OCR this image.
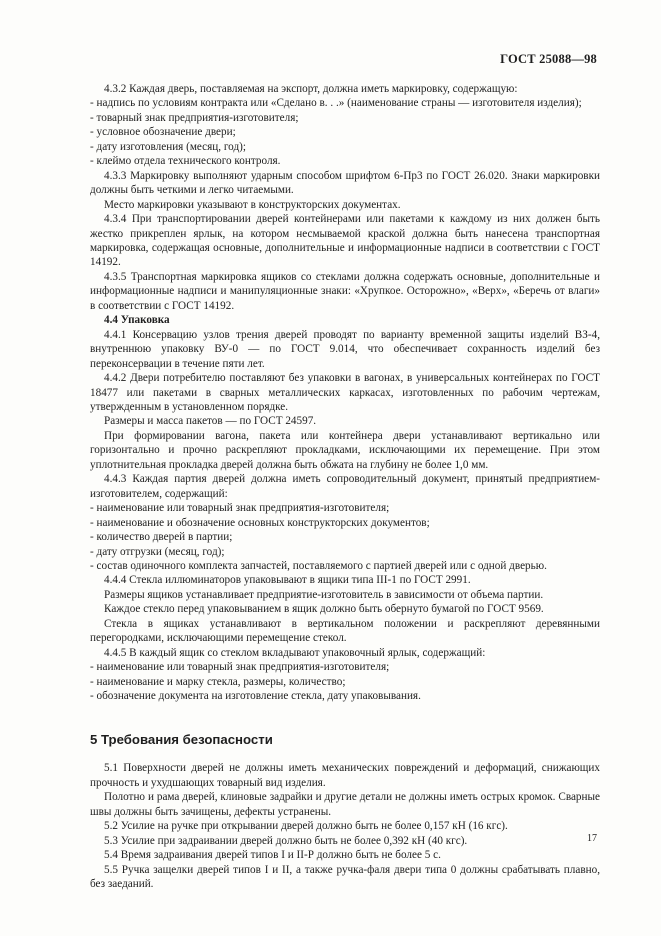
ГОСТ 25088—98

4.3.2 Каждая дверь, поставляемая на экспорт, должна иметь маркировку, содержащую:

- надпись по условиям контракта или «Сделано в. . .» (наименование страны — изготовителя изделия);

- товарный знак предприятия-изготовителя;

- условное обозначение двери;

- дату изготовления (месяц, год);

- клеймо отдела технического контроля.

4.3.3 Маркировку выполняют ударным способом шрифтом 6-Пр3 по ГОСТ 26.020. Знаки маркировки должны быть четкими и легко читаемыми.

Место маркировки указывают в конструкторских документах.

4.3.4 При транспортировании дверей контейнерами или пакетами к каждому из них должен быть жестко прикреплен ярлык, на котором несмываемой краской должна быть нанесена транспортная маркировка, содержащая основные, дополнительные и информационные надписи в соответствии с ГОСТ 14192.

4.3.5 Транспортная маркировка ящиков со стеклами должна содержать основные, дополнительные и информационные надписи и манипуляционные знаки: «Хрупкое. Осторожно», «Верх», «Беречь от влаги» в соответствии с ГОСТ 14192.

4.4 Упаковка

4.4.1 Консервацию узлов трения дверей проводят по варианту временной защиты изделий ВЗ-4, внутреннюю упаковку ВУ-0 — по ГОСТ 9.014, что обеспечивает сохранность изделий без переконсервации в течение пяти лет.

4.4.2 Двери потребителю поставляют без упаковки в вагонах, в универсальных контейнерах по ГОСТ 18477 или пакетами в сварных металлических каркасах, изготовленных по рабочим чертежам, утвержденным в установленном порядке.

Размеры и масса пакетов — по ГОСТ 24597.

При формировании вагона, пакета или контейнера двери устанавливают вертикально или горизонтально и прочно раскрепляют прокладками, исключающими их перемещение. При этом уплотнительная прокладка дверей должна быть обжата на глубину не более 1,0 мм.

4.4.3 Каждая партия дверей должна иметь сопроводительный документ, принятый предприятием-изготовителем, содержащий:

- наименование или товарный знак предприятия-изготовителя;

- наименование и обозначение основных конструкторских документов;

- количество дверей в партии;

- дату отгрузки (месяц, год);

- состав одиночного комплекта запчастей, поставляемого с партией дверей или с одной дверью.

4.4.4 Стекла иллюминаторов упаковывают в ящики типа III-1 по ГОСТ 2991.

Размеры ящиков устанавливает предприятие-изготовитель в зависимости от объема партии.

Каждое стекло перед упаковыванием в ящик должно быть обернуто бумагой по ГОСТ 9569.

Стекла в ящиках устанавливают в вертикальном положении и раскрепляют деревянными перегородками, исключающими перемещение стекол.

4.4.5 В каждый ящик со стеклом вкладывают упаковочный ярлык, содержащий:

- наименование или товарный знак предприятия-изготовителя;

- наименование и марку стекла, размеры, количество;

- обозначение документа на изготовление стекла, дату упаковывания.

5 Требования безопасности

5.1 Поверхности дверей не должны иметь механических повреждений и деформаций, снижающих прочность и ухудшающих товарный вид изделия.

Полотно и рама дверей, клиновые задрайки и другие детали не должны иметь острых кромок. Сварные швы должны быть зачищены, дефекты устранены.

5.2 Усилие на ручке при открывании дверей должно быть не более 0,157 кН (16 кгс).

5.3 Усилие при задраивании дверей должно быть не более 0,392 кН (40 кгс).

5.4 Время задраивания дверей типов I и II-Р должно быть не более 5 с.

5.5 Ручка защелки дверей типов I и II, а также ручка-фаля двери типа 0 должны срабатывать плавно, без заеданий.

17
